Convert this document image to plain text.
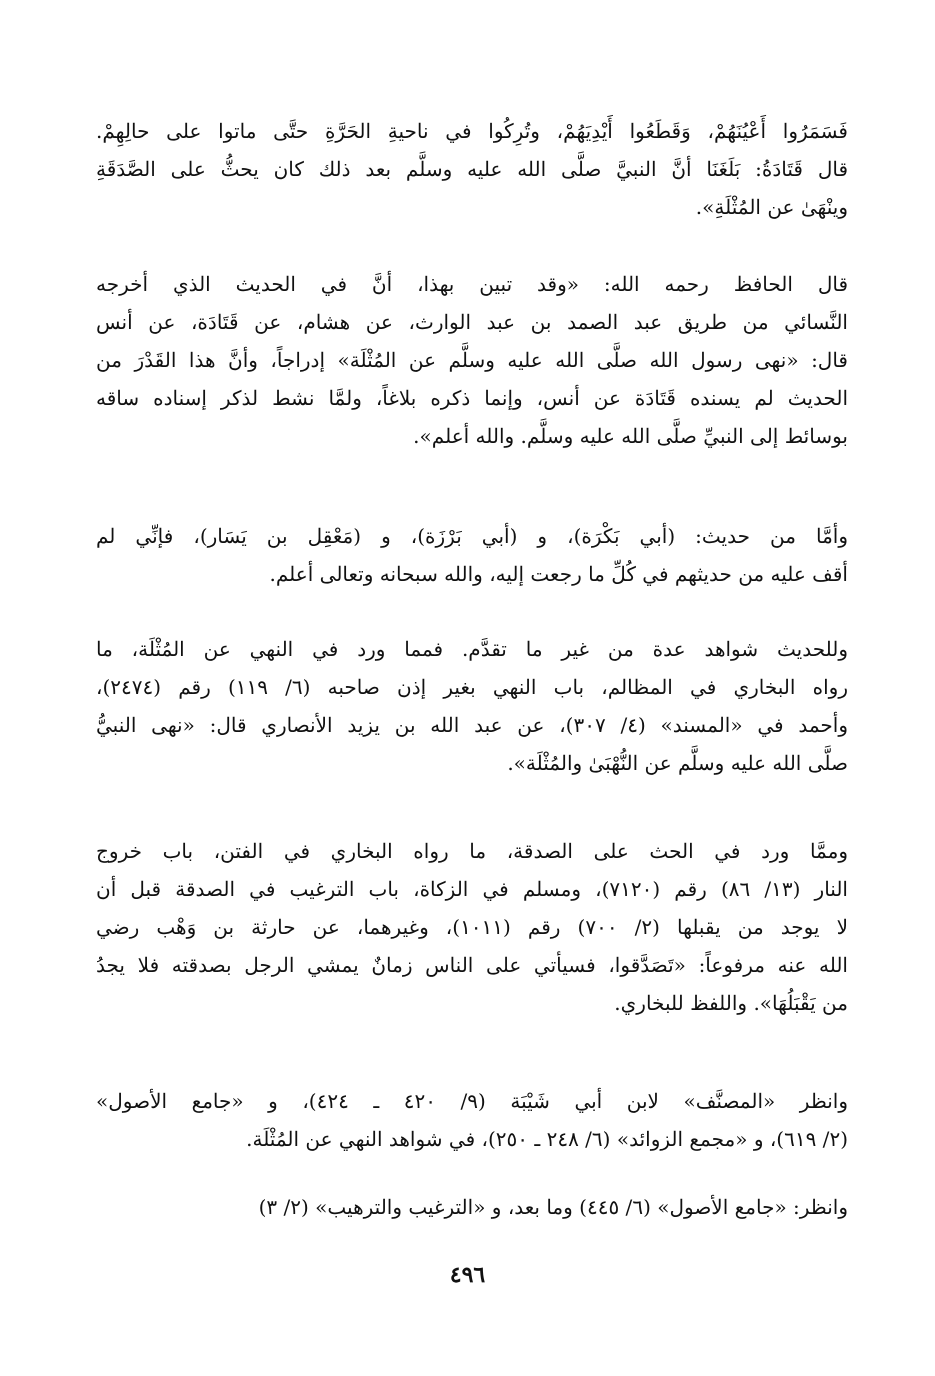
فَسَمَرُوا أَعْيُنَهُمْ، وَقَطَعُوا أَيْدِيَهُمْ، وتُرِكُوا في ناحيةِ الحَرَّةِ حتَّى ماتوا على حالِهِمْ.
قال قَتَادَةُ: بَلَغَنَا أنَّ النبيَّ صلَّى الله عليه وسلَّم بعد ذلك كان يحثُّ على الصَّدَقَةِ
وينْهَىٰ عن المُثْلَةِ».
قال الحافظ رحمه الله: «وقد تبين بهذا، أنَّ في الحديث الذي أخرجه
النَّسائي من طريق عبد الصمد بن عبد الوارث، عن هشام، عن قَتَادَة، عن أنس
قال: «نهى رسول الله صلَّى الله عليه وسلَّم عن المُثْلَة» إدراجاً، وأنَّ هذا القَدْرَ من
الحديث لم يسنده قَتَادَة عن أنس، وإنما ذكره بلاغاً، ولمَّا نشط لذكر إسناده ساقه
بوسائط إلى النبيِّ صلَّى الله عليه وسلَّم. والله أعلم».
وأمَّا من حديث: (أبي بَكْرَة)، و (أبي بَرْزَة)، و (مَعْقِل بن يَسَار)، فإنِّي لم
أقف عليه من حديثهم في كُلِّ ما رجعت إليه، والله سبحانه وتعالى أعلم.
وللحديث شواهد عدة من غير ما تقدَّم. فمما ورد في النهي عن المُثْلَة، ما
رواه البخاري في المظالم، باب النهي بغير إذن صاحبه (٦/ ١١٩) رقم (٢٤٧٤)،
وأحمد في «المسند» (٤/ ٣٠٧)، عن عبد الله بن يزيد الأنصاري قال: «نهى النبيُّ
صلَّى الله عليه وسلَّم عن النُّهْبَىٰ والمُثْلَة».
وممَّا ورد في الحث على الصدقة، ما رواه البخاري في الفتن، باب خروج
النار (١٣/ ٨٦) رقم (٧١٢٠)، ومسلم في الزكاة، باب الترغيب في الصدقة قبل أن
لا يوجد من يقبلها (٢/ ٧٠٠) رقم (١٠١١)، وغيرهما، عن حارثة بن وَهْب رضي
الله عنه مرفوعاً: «تَصَدَّقوا، فسيأتي على الناس زمانٌ يمشي الرجل بصدقته فلا يجدُ
من يَقْبَلُهَا». واللفظ للبخاري.
وانظر «المصنَّف» لابن أبي شَيْبَة (٩/ ٤٢٠ ـ ٤٢٤)، و «جامع الأصول»
(٢/ ٦١٩)، و «مجمع الزوائد» (٦/ ٢٤٨ ـ ٢٥٠)، في شواهد النهي عن المُثْلَة.
وانظر: «جامع الأصول» (٦/ ٤٤٥) وما بعد، و «الترغيب والترهيب» (٢/ ٣)
٤٩٦
